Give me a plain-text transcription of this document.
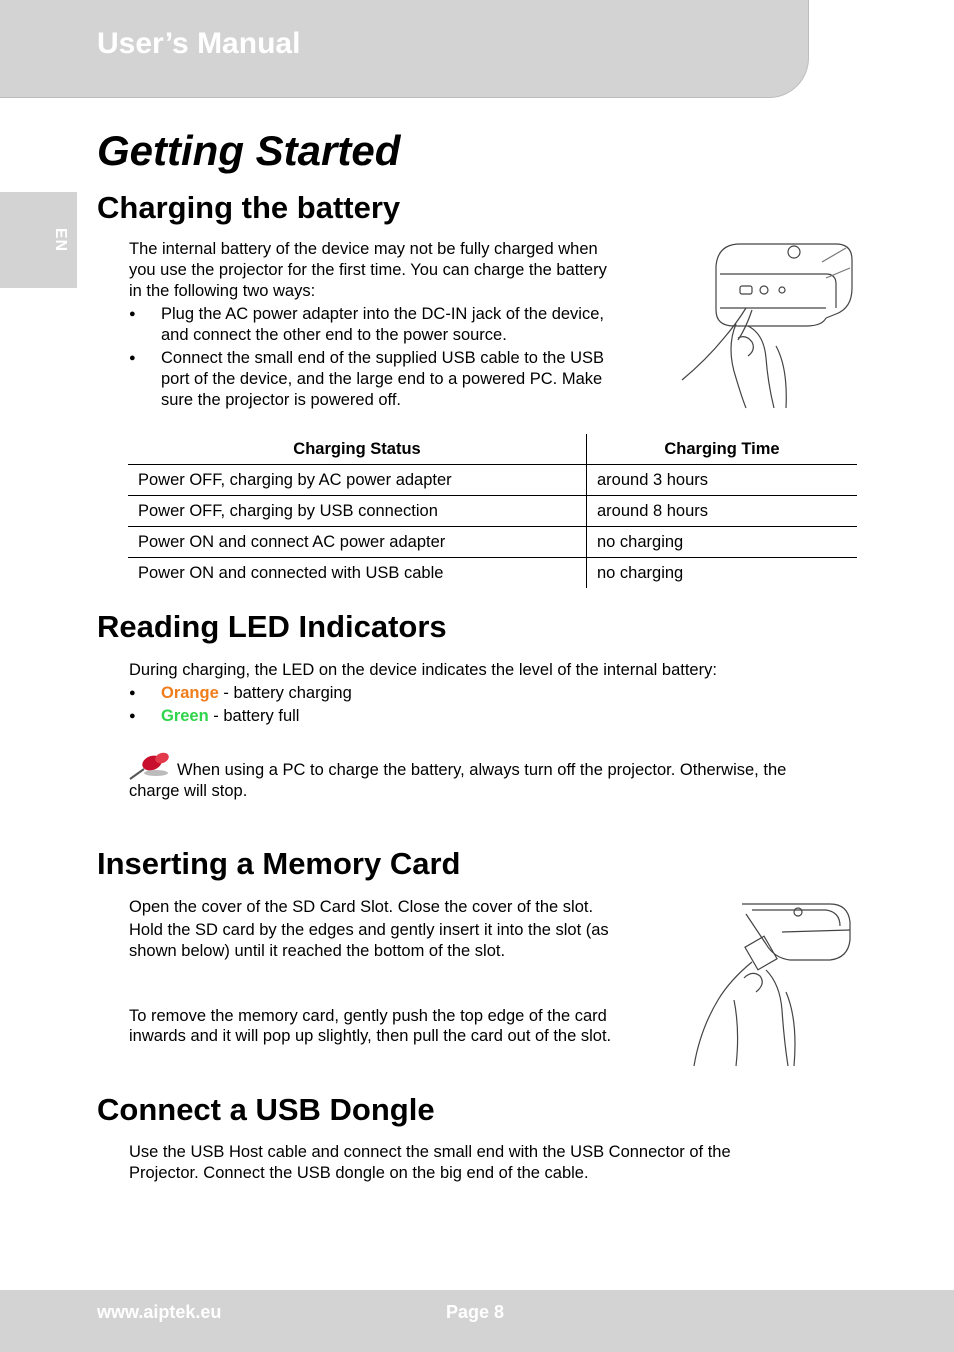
User’s Manual
EN
Getting Started
Charging the battery

The internal battery of the device may not be fully charged when

you use the projector for the first time. You can charge the battery

in the following two ways:

● Plug the AC power adapter into the DC-IN jack of the device,
and connect the other end to the power source.
● Connect the small end of the supplied USB cable to the USB
port of the device, and the large end to a powered PC. Make
sure the projector is powered off.
Charging Status	Charging Time
Power OFF, charging by AC power adapter	around 3 hours
Power OFF, charging by USB connection	around 8 hours
Power ON and connect AC power adapter	no charging
Power ON and connected with USB cable	no charging
Reading LED Indicators

During charging, the LED on the device indicates the level of the internal battery:

● Orange - battery charging
● Green - battery full

When using a PC to charge the battery, always turn off the projector. Otherwise, the

charge will stop.

Inserting a Memory Card

Open the cover of the SD Card Slot. Close the cover of the slot.

Hold the SD card by the edges and gently insert it into the slot (as

shown below) until it reached the bottom of the slot.

To remove the memory card, gently push the top edge of the card

inwards and it will pop up slightly, then pull the card out of the slot.

Connect a USB Dongle

Use the USB Host cable and connect the small end with the USB Connector of the

Projector. Connect the USB dongle on the big end of the cable.

www.aiptek.eu	Page 8
